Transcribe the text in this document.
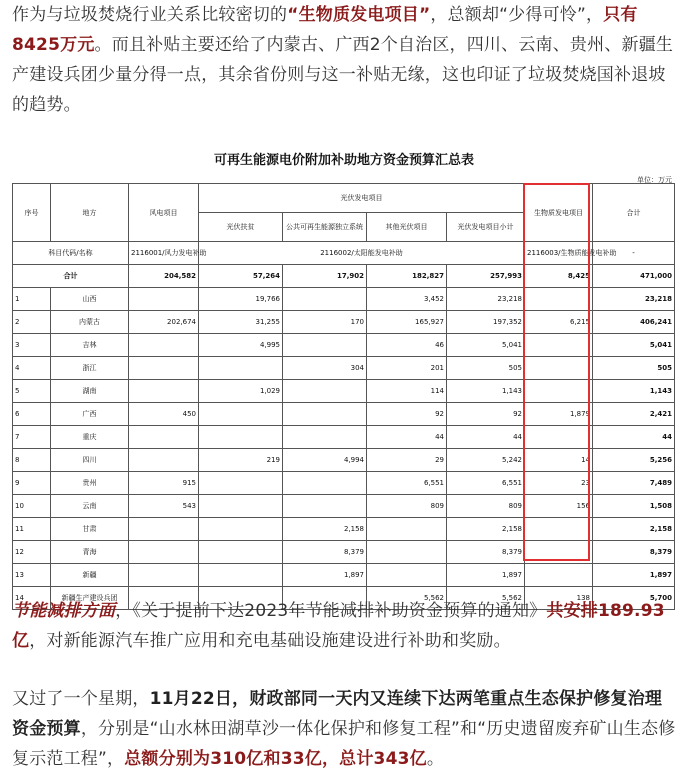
作为与垃圾焚烧行业关系比较密切的“生物质发电项目”，总额却“少得可怜”，只有8425万元。而且补贴主要还给了内蒙古、广西2个自治区，四川、云南、贵州、新疆生产建设兵团少量分得一点，其余省份则与这一补贴无缘，这也印证了垃圾焚烧国补退坡的趋势。
可再生能源电价附加补助地方资金预算汇总表
单位：万元
序号	地方	风电项目	光伏发电项目				生物质发电项目	合计
			光伏扶贫	公共可再生能源独立系统	其他光伏项目	光伏发电项目小计		
科目代码/名称		2116001/风力发电补助	2116002/太阳能发电补助				2116003/生物质能发电补助	-
合计		204,582	57,264	17,902	182,827	257,993	8,425	471,000
1	山西		19,766		3,452	23,218		23,218
2	内蒙古	202,674	31,255	170	165,927	197,352	6,215	406,241
3	吉林		4,995		46	5,041		5,041
4	浙江			304	201	505		505
5	湖南		1,029		114	1,143		1,143
6	广西	450			92	92	1,879	2,421
7	重庆				44	44		44
8	四川		219	4,994	29	5,242	14	5,256
9	贵州	915			6,551	6,551	23	7,489
10	云南	543			809	809	156	1,508
11	甘肃			2,158		2,158		2,158
12	青海			8,379		8,379		8,379
13	新疆			1,897		1,897		1,897
14	新疆生产建设兵团				5,562	5,562	138	5,700
节能减排方面，《关于提前下达2023年节能减排补助资金预算的通知》共安排189.93亿，对新能源汽车推广应用和充电基础设施建设进行补助和奖励。
又过了一个星期，11月22日，财政部同一天内又连续下达两笔重点生态保护修复治理资金预算，分别是“山水林田湖草沙一体化保护和修复工程”和“历史遗留废弃矿山生态修复示范工程”，总额分别为310亿和33亿，总计343亿。
